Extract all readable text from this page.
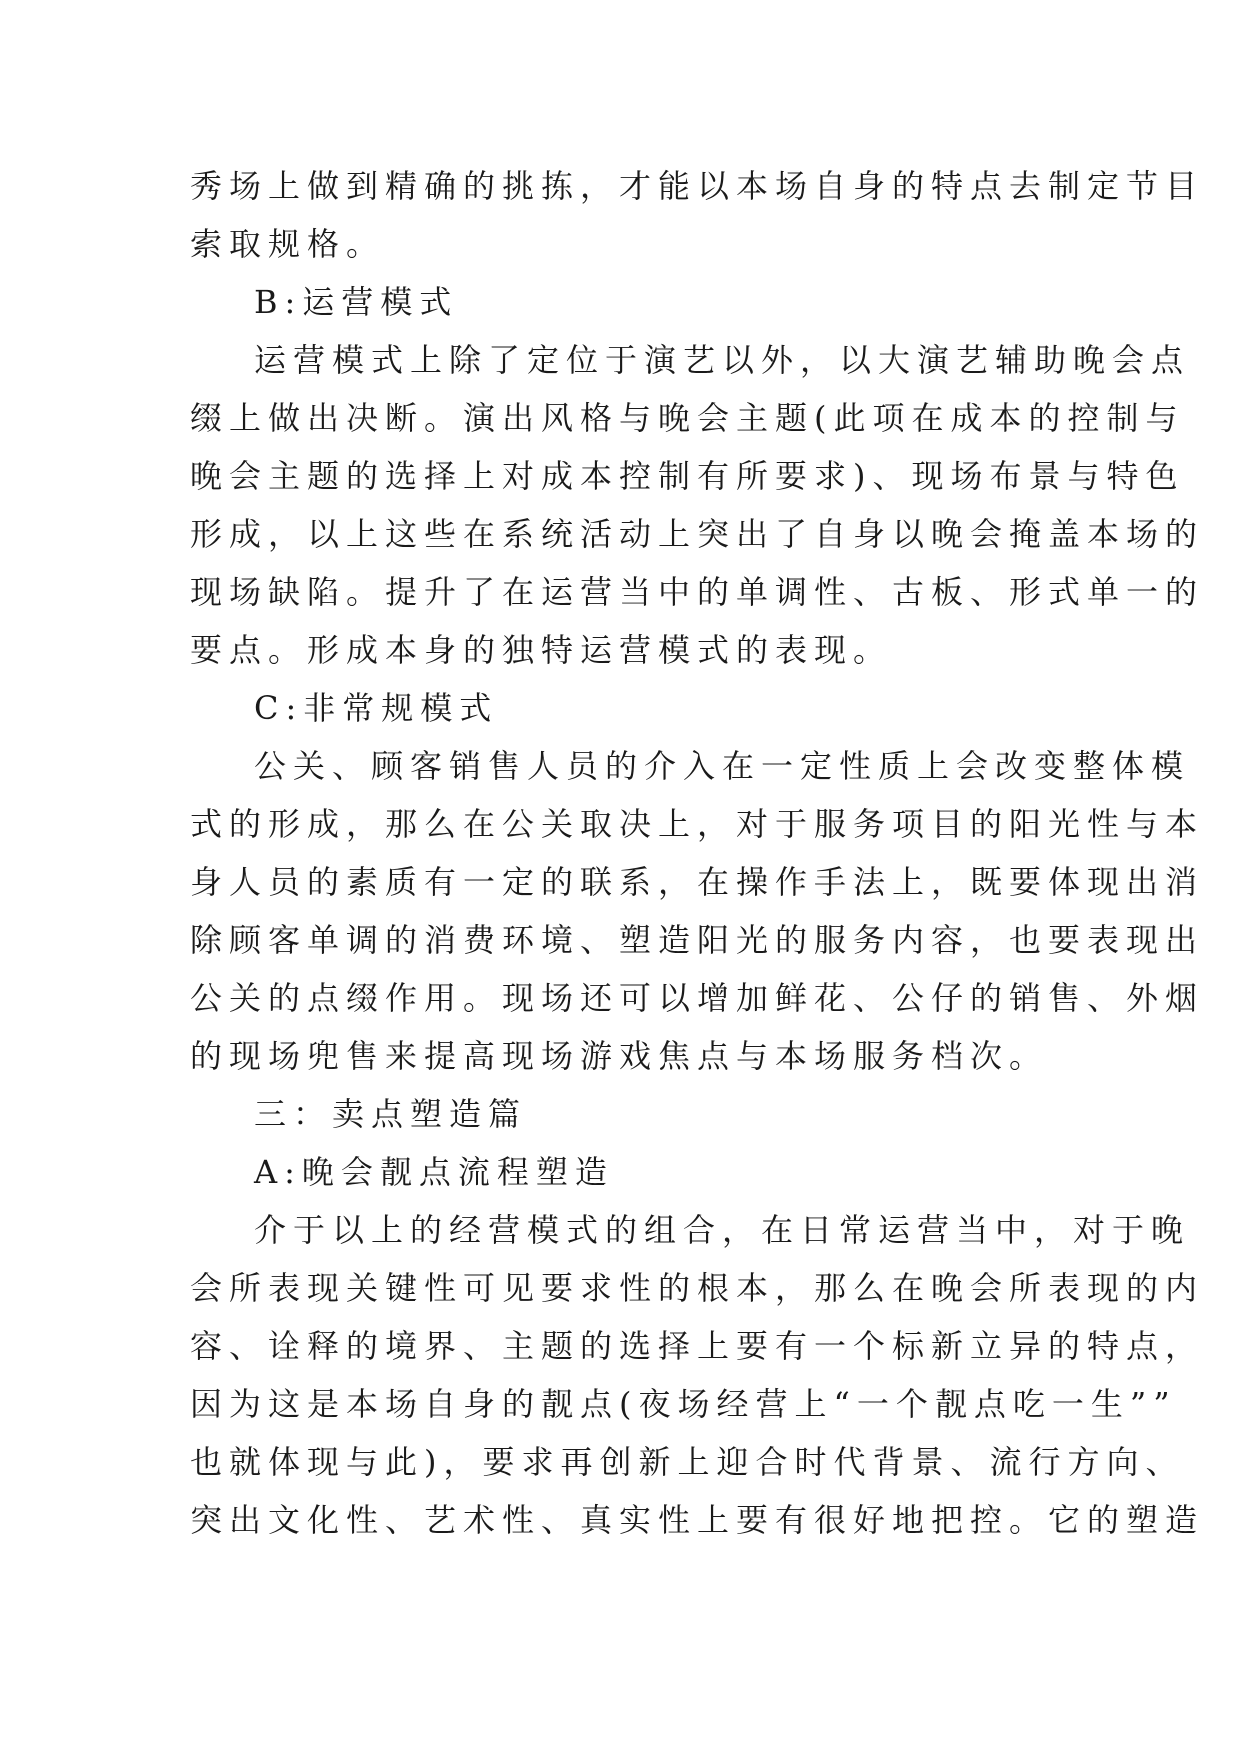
秀场上做到精确的挑拣，才能以本场自身的特点去制定节目
索取规格。
B:运营模式
运营模式上除了定位于演艺以外，以大演艺辅助晚会点
缀上做出决断。演出风格与晚会主题(此项在成本的控制与
晚会主题的选择上对成本控制有所要求)、现场布景与特色
形成，以上这些在系统活动上突出了自身以晚会掩盖本场的
现场缺陷。提升了在运营当中的单调性、古板、形式单一的
要点。形成本身的独特运营模式的表现。
C:非常规模式
公关、顾客销售人员的介入在一定性质上会改变整体模
式的形成，那么在公关取决上，对于服务项目的阳光性与本
身人员的素质有一定的联系，在操作手法上，既要体现出消
除顾客单调的消费环境、塑造阳光的服务内容，也要表现出
公关的点缀作用。现场还可以增加鲜花、公仔的销售、外烟
的现场兜售来提高现场游戏焦点与本场服务档次。
三：卖点塑造篇
A:晚会靓点流程塑造
介于以上的经营模式的组合，在日常运营当中，对于晚
会所表现关键性可见要求性的根本，那么在晚会所表现的内
容、诠释的境界、主题的选择上要有一个标新立异的特点，
因为这是本场自身的靓点(夜场经营上“一个靓点吃一生””
也就体现与此)，要求再创新上迎合时代背景、流行方向、
突出文化性、艺术性、真实性上要有很好地把控。它的塑造
